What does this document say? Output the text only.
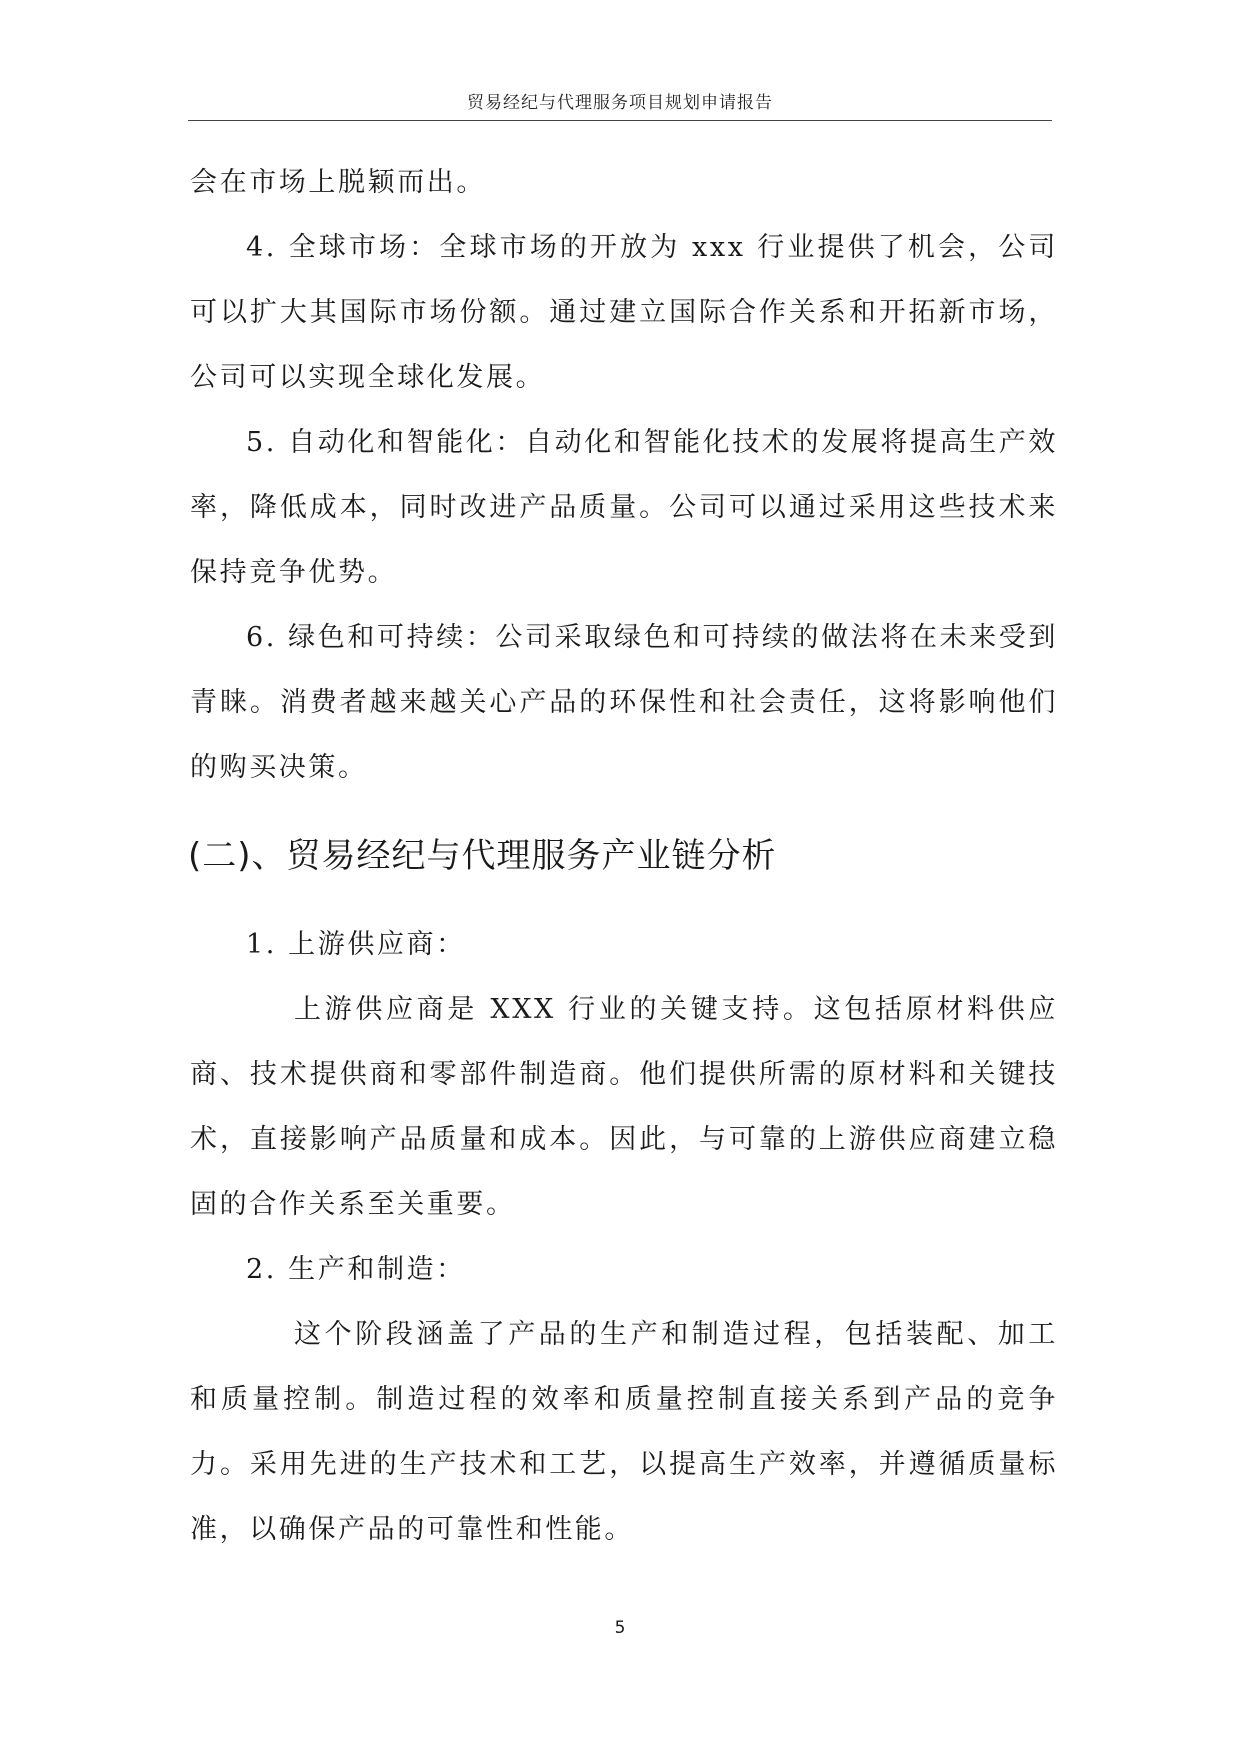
贸易经纪与代理服务项目规划申请报告

会在市场上脱颖而出。

4. 全球市场：全球市场的开放为 xxx 行业提供了机会，公司可以扩大其国际市场份额。通过建立国际合作关系和开拓新市场，公司可以实现全球化发展。

5. 自动化和智能化：自动化和智能化技术的发展将提高生产效率，降低成本，同时改进产品质量。公司可以通过采用这些技术来保持竞争优势。

6. 绿色和可持续：公司采取绿色和可持续的做法将在未来受到青睐。消费者越来越关心产品的环保性和社会责任，这将影响他们的购买决策。

(二)、贸易经纪与代理服务产业链分析

1. 上游供应商：

上游供应商是 XXX 行业的关键支持。这包括原材料供应商、技术提供商和零部件制造商。他们提供所需的原材料和关键技术，直接影响产品质量和成本。因此，与可靠的上游供应商建立稳固的合作关系至关重要。

2. 生产和制造：

这个阶段涵盖了产品的生产和制造过程，包括装配、加工和质量控制。制造过程的效率和质量控制直接关系到产品的竞争力。采用先进的生产技术和工艺，以提高生产效率，并遵循质量标准，以确保产品的可靠性和性能。

5
